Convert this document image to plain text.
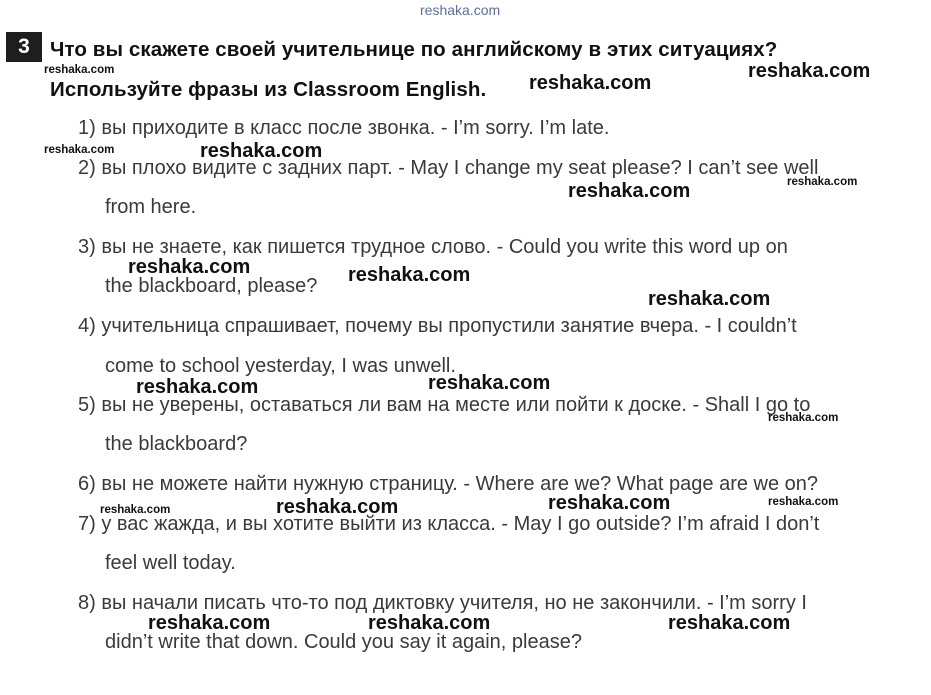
reshaka.com
3 Что вы скажете своей учительнице по английскому в этих ситуациях?
Используйте фразы из Classroom English.
1) вы приходите в класс после звонка. - I’m sorry. I’m late.
2) вы плохо видите с задних парт. - May I change my seat please? I can’t see well
from here.
3) вы не знаете, как пишется трудное слово. - Could you write this word up on
the blackboard, please?
4) учительница спрашивает, почему вы пропустили занятие вчера. - I couldn’t
come to school yesterday, I was unwell.
5) вы не уверены, оставаться ли вам на месте или пойти к доске. - Shall I go to
the blackboard?
6) вы не можете найти нужную страницу. - Where are we? What page are we on?
7) у вас жажда, и вы хотите выйти из класса. - May I go outside? I’m afraid I don’t
feel well today.
8) вы начали писать что-то под диктовку учителя, но не закончили. - I’m sorry I
didn’t write that down. Could you say it again, please?
reshaka.com
reshaka.com
reshaka.com
reshaka.com	reshaka.com
reshaka.com	reshaka.com
reshaka.com	reshaka.com
reshaka.com
reshaka.com	reshaka.com
reshaka.com
reshaka.com
reshaka.com	reshaka.com	reshaka.com
reshaka.com	reshaka.com	reshaka.com
